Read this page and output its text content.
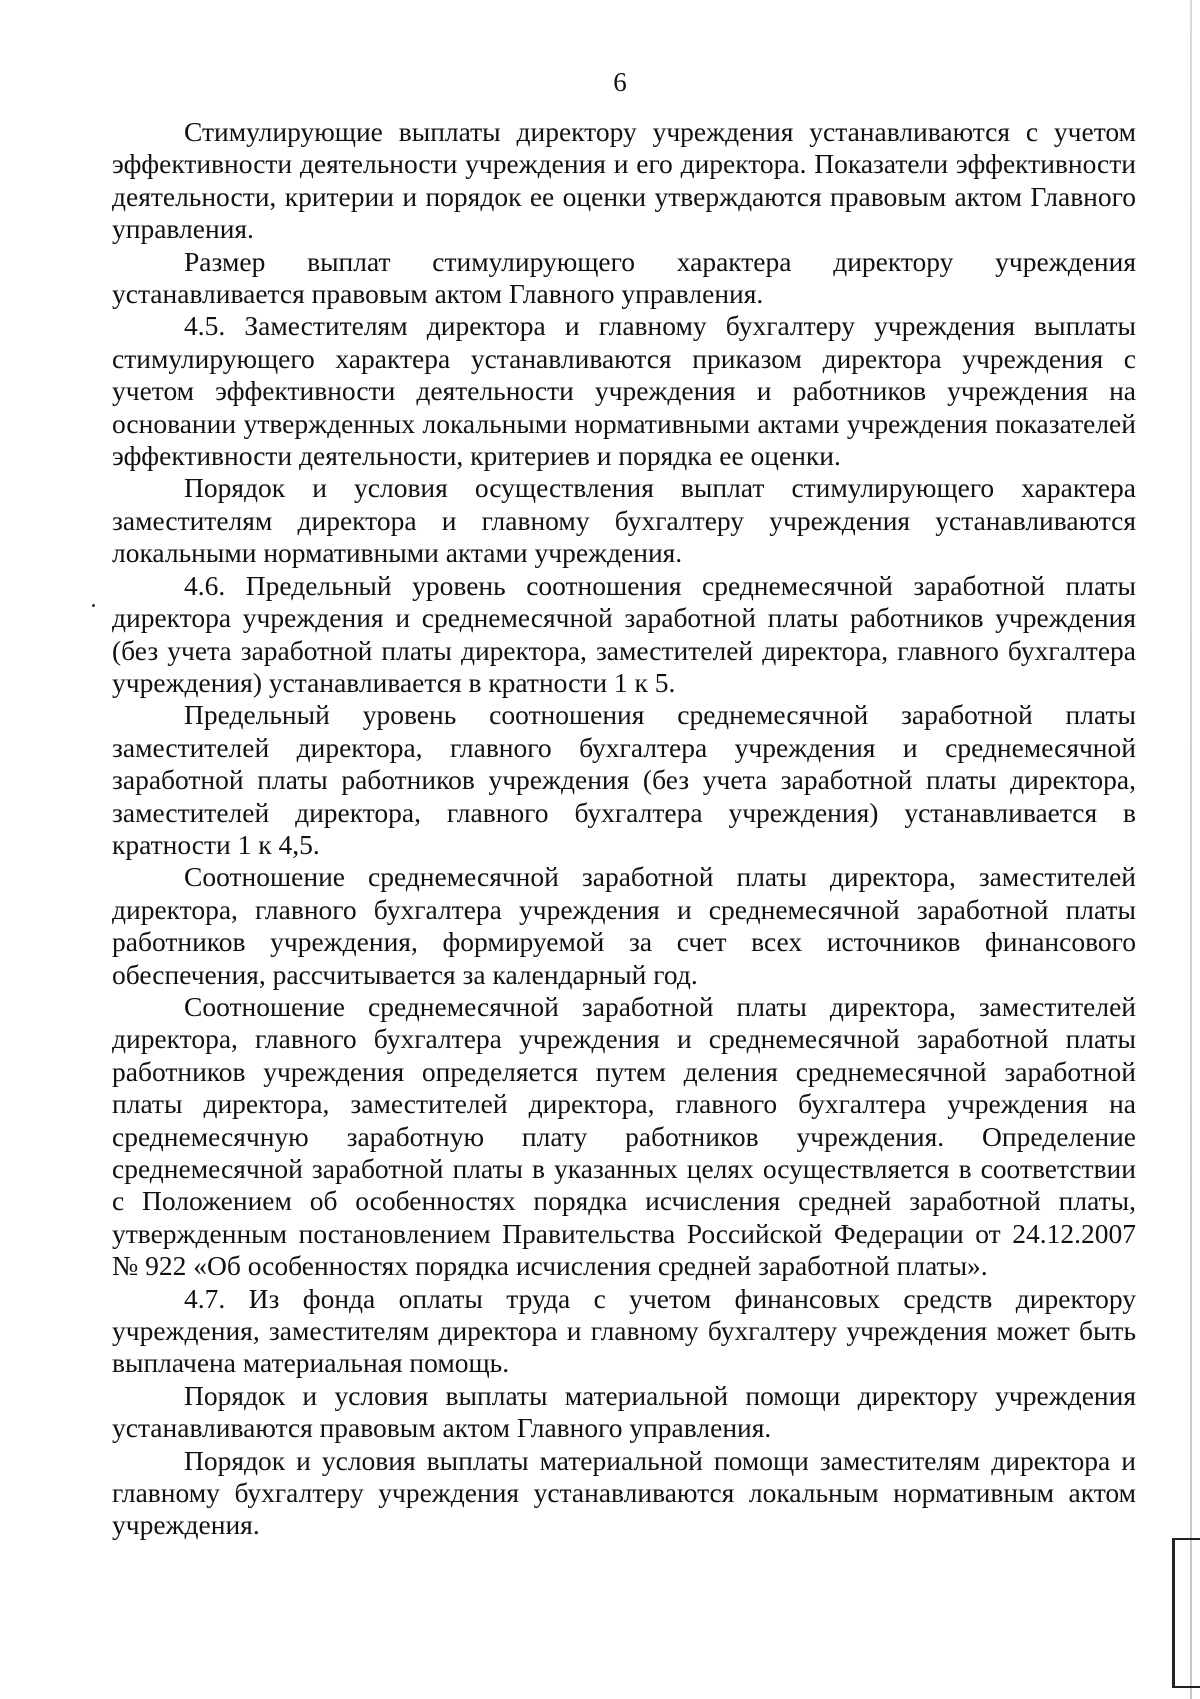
6

Стимулирующие выплаты директору учреждения устанавливаются с учетом эффективности деятельности учреждения и его директора. Показатели эффективности деятельности, критерии и порядок ее оценки утверждаются правовым актом Главного управления.

Размер выплат стимулирующего характера директору учреждения устанавливается правовым актом Главного управления.

4.5. Заместителям директора и главному бухгалтеру учреждения выплаты стимулирующего характера устанавливаются приказом директора учреждения с учетом эффективности деятельности учреждения и работников учреждения на основании утвержденных локальными нормативными актами учреждения показателей эффективности деятельности, критериев и порядка ее оценки.

Порядок и условия осуществления выплат стимулирующего характера заместителям директора и главному бухгалтеру учреждения устанавливаются локальными нормативными актами учреждения.

4.6. Предельный уровень соотношения среднемесячной заработной платы директора учреждения и среднемесячной заработной платы работников учреждения (без учета заработной платы директора, заместителей директора, главного бухгалтера учреждения) устанавливается в кратности 1 к 5.

Предельный уровень соотношения среднемесячной заработной платы заместителей директора, главного бухгалтера учреждения и среднемесячной заработной платы работников учреждения (без учета заработной платы директора, заместителей директора, главного бухгалтера учреждения) устанавливается в кратности 1 к 4,5.

Соотношение среднемесячной заработной платы директора, заместителей директора, главного бухгалтера учреждения и среднемесячной заработной платы работников учреждения, формируемой за счет всех источников финансового обеспечения, рассчитывается за календарный год.

Соотношение среднемесячной заработной платы директора, заместителей директора, главного бухгалтера учреждения и среднемесячной заработной платы работников учреждения определяется путем деления среднемесячной заработной платы директора, заместителей директора, главного бухгалтера учреждения на среднемесячную заработную плату работников учреждения. Определение среднемесячной заработной платы в указанных целях осуществляется в соответствии с Положением об особенностях порядка исчисления средней заработной платы, утвержденным постановлением Правительства Российской Федерации от 24.12.2007 № 922 «Об особенностях порядка исчисления средней заработной платы».

4.7. Из фонда оплаты труда с учетом финансовых средств директору учреждения, заместителям директора и главному бухгалтеру учреждения может быть выплачена материальная помощь.

Порядок и условия выплаты материальной помощи директору учреждения устанавливаются правовым актом Главного управления.

Порядок и условия выплаты материальной помощи заместителям директора и главному бухгалтеру учреждения устанавливаются локальным нормативным актом учреждения.
